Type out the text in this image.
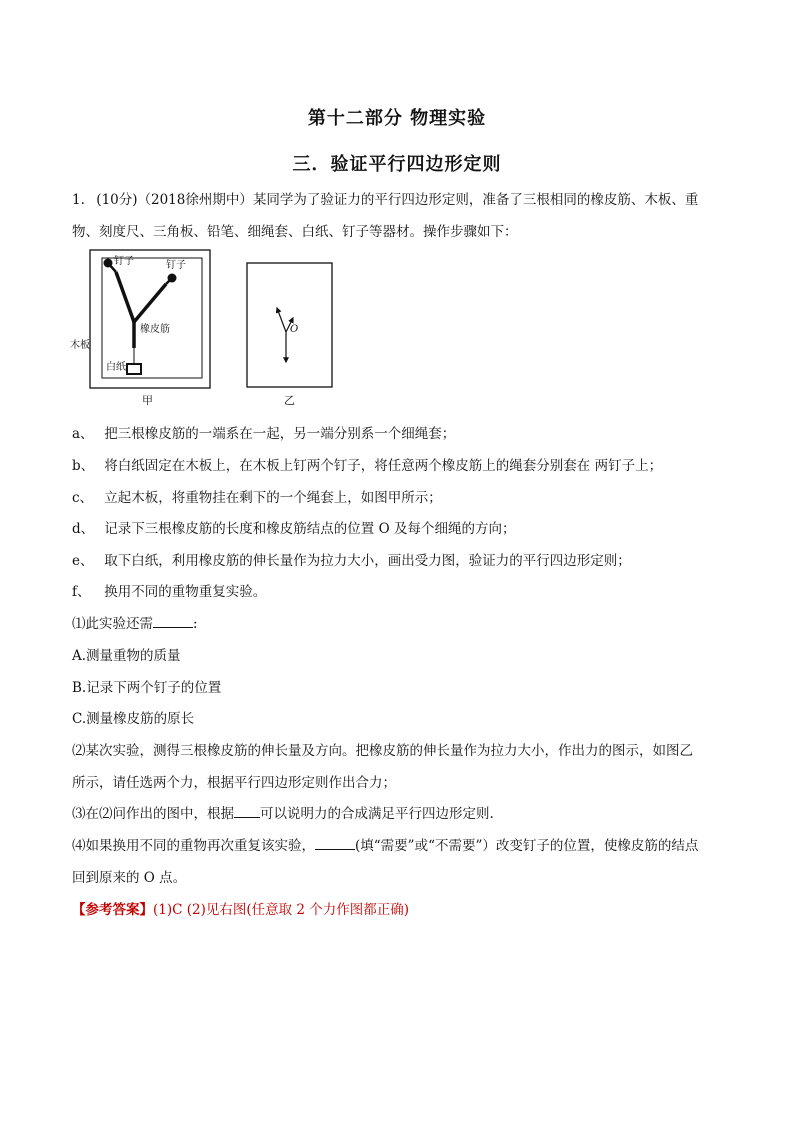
第十二部分 物理实验
三．验证平行四边形定则
1. (10分)（2018徐州期中）某同学为了验证力的平行四边形定则，准备了三根相同的橡皮筋、木板、重
物、刻度尺、三角板、铅笔、细绳套、白纸、钉子等器材。操作步骤如下：
钉子	钉子
橡皮筋
木板
白纸
甲
O
乙
a、 把三根橡皮筋的一端系在一起，另一端分别系一个细绳套；
b、 将白纸固定在木板上，在木板上钉两个钉子，将任意两个橡皮筋上的绳套分别套在 两钉子上；
c、 立起木板，将重物挂在剩下的一个绳套上，如图甲所示；
d、 记录下三根橡皮筋的长度和橡皮筋结点的位置 O 及每个细绳的方向；
e、 取下白纸，利用橡皮筋的伸长量作为拉力大小，画出受力图，验证力的平行四边形定则；
f、 换用不同的重物重复实验。
⑴此实验还需	:
A.测量重物的质量
B.记录下两个钉子的位置
C.测量橡皮筋的原长
⑵某次实验，测得三根橡皮筋的伸长量及方向。把橡皮筋的伸长量作为拉力大小，作出力的图示，如图乙
所示，请任选两个力，根据平行四边形定则作出合力；
⑶在⑵问作出的图中，根据 可以说明力的合成满足平行四边形定则.
⑷如果换用不同的重物再次重复该实验，	(填“需要”或“不需要”）改变钉子的位置，使橡皮筋的结点
回到原来的 O 点。
【参考答案】(1)C (2)见右图(任意取 2 个力作图都正确)
